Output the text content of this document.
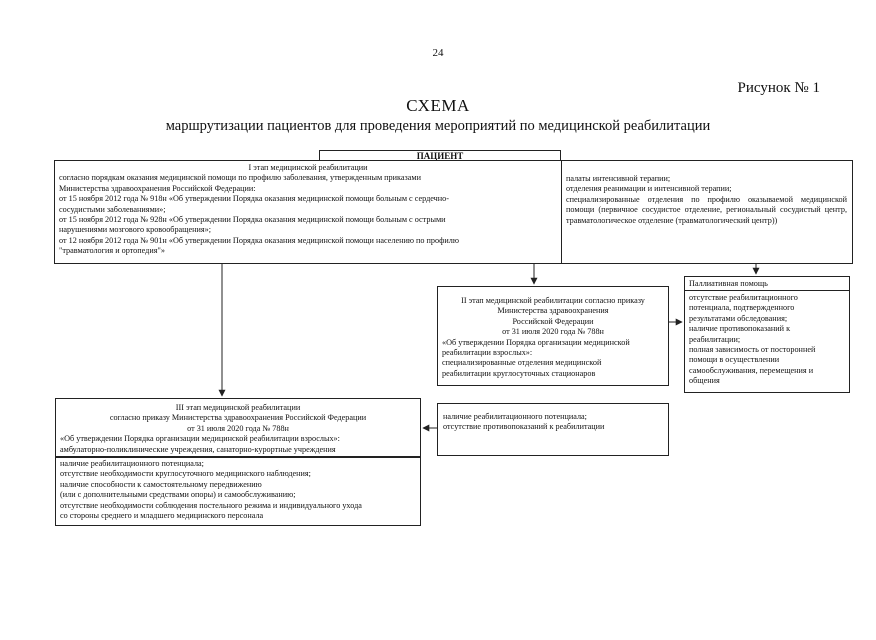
24
Рисунок № 1
СХЕМА
маршрутизации пациентов для проведения мероприятий по медицинской реабилитации
ПАЦИЕНТ
I этап медицинской реабилитации
согласно порядкам оказания медицинской помощи по профилю заболевания, утвержденным приказами
Министерства здравоохранения Российской Федерации:
от 15 ноября 2012 года № 918н «Об утверждении Порядка оказания медицинской помощи больным с сердечно-
сосудистыми заболеваниями»;
от 15 ноября 2012 года № 928н «Об утверждении Порядка оказания медицинской помощи больным с острыми
нарушениями мозгового кровообращения»;
от 12 ноября 2012 года № 901н «Об утверждении Порядка оказания медицинской помощи населению по профилю
"травматология и ортопедия"»
палаты интенсивной терапии;
отделения реанимации и интенсивной терапии;
специализированные отделения по профилю оказываемой медицинской помощи (первичное сосудистое отделение, региональный сосудистый центр, травматологическое отделение (травматологический центр))
Паллиативная помощь
отсутствие реабилитационного
потенциала, подтвержденного
результатами обследования;
наличие противопоказаний к
реабилитации;
полная зависимость от посторонней
помощи в осуществлении
самообслуживания, перемещения и
общения
II этап медицинской реабилитации согласно приказу
Министерства здравоохранения
Российской Федерации
от 31 июля 2020 года № 788н
«Об утверждении Порядка организации медицинской
реабилитации взрослых»:
специализированные отделения медицинской
реабилитации круглосуточных стационаров
наличие реабилитационного потенциала;
отсутствие противопоказаний к реабилитации
III этап медицинской реабилитации
согласно приказу Министерства здравоохранения Российской Федерации
от 31 июля 2020 года № 788н
«Об утверждении Порядка организации медицинской реабилитации взрослых»:
амбулаторно-поликлинические учреждения, санаторно-курортные учреждения
наличие реабилитационного потенциала;
отсутствие необходимости круглосуточного медицинского наблюдения;
наличие способности к самостоятельному передвижению
(или с дополнительными средствами опоры) и самообслуживанию;
отсутствие необходимости соблюдения постельного режима и индивидуального ухода
со стороны среднего и младшего медицинского персонала
